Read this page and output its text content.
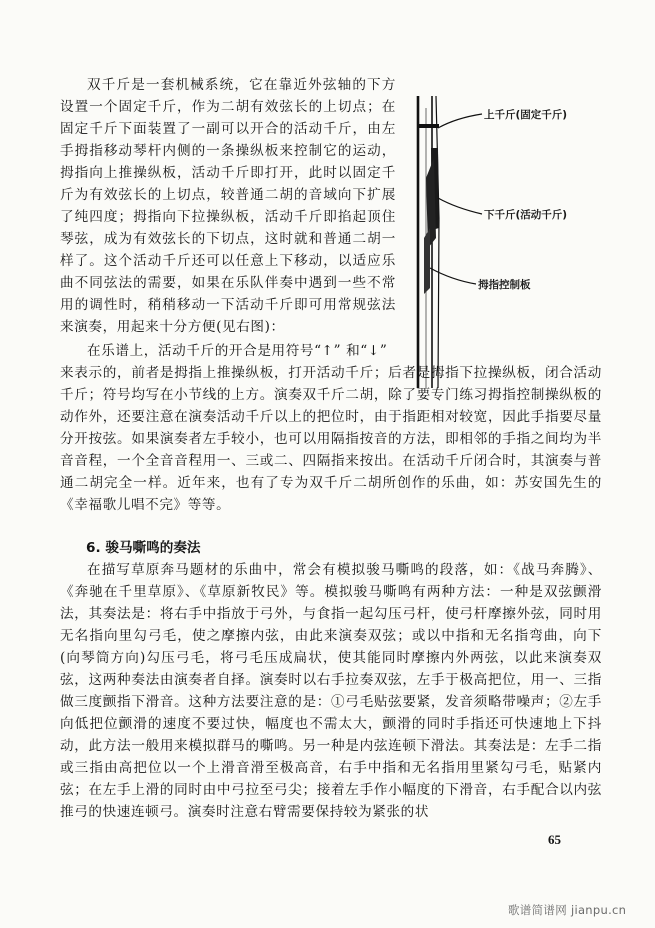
双千斤是一套机械系统，它在靠近外弦轴的下方设置一个固定千斤，作为二胡有效弦长的上切点；在固定千斤下面装置了一副可以开合的活动千斤，由左手拇指移动琴杆内侧的一条操纵板来控制它的运动，拇指向上推操纵板，活动千斤即打开，此时以固定千斤为有效弦长的上切点，较普通二胡的音域向下扩展了纯四度；拇指向下拉操纵板，活动千斤即掐起顶住琴弦，成为有效弦长的下切点，这时就和普通二胡一样了。这个活动千斤还可以任意上下移动，以适应乐曲不同弦法的需要，如果在乐队伴奏中遇到一些不常用的调性时，稍稍移动一下活动千斤即可用常规弦法来演奏，用起来十分方便(见右图)：

上千斤(固定千斤)
下千斤(活动千斤)
拇指控制板

在乐谱上，活动千斤的开合是用符号“↑” 和“↓”
来表示的，前者是拇指上推操纵板，打开活动千斤；后者是拇指下拉操纵板，闭合活动千斤；符号均写在小节线的上方。演奏双千斤二胡，除了要专门练习拇指控制操纵板的动作外，还要注意在演奏活动千斤以上的把位时，由于指距相对较宽，因此手指要尽量分开按弦。如果演奏者左手较小，也可以用隔指按音的方法，即相邻的手指之间均为半音音程，一个全音音程用一、三或二、四隔指来按出。在活动千斤闭合时，其演奏与普通二胡完全一样。近年来，也有了专为双千斤二胡所创作的乐曲，如：苏安国先生的《幸福歌儿唱不完》等等。

6. 骏马嘶鸣的奏法

在描写草原奔马题材的乐曲中，常会有模拟骏马嘶鸣的段落，如：《战马奔腾》、《奔驰在千里草原》、《草原新牧民》等。模拟骏马嘶鸣有两种方法：一种是双弦颤滑法，其奏法是：将右手中指放于弓外，与食指一起勾压弓杆，使弓杆摩擦外弦，同时用无名指向里勾弓毛，使之摩擦内弦，由此来演奏双弦；或以中指和无名指弯曲，向下(向琴筒方向)勾压弓毛，将弓毛压成扁状，使其能同时摩擦内外两弦，以此来演奏双弦，这两种奏法由演奏者自择。演奏时以右手拉奏双弦，左手于极高把位，用一、三指做三度颤指下滑音。这种方法要注意的是：①弓毛贴弦要紧，发音须略带噪声；②左手向低把位颤滑的速度不要过快，幅度也不需太大，颤滑的同时手指还可快速地上下抖动，此方法一般用来模拟群马的嘶鸣。另一种是内弦连顿下滑法。其奏法是：左手二指或三指由高把位以一个上滑音滑至极高音，右手中指和无名指用里紧勾弓毛，贴紧内弦；在左手上滑的同时由中弓拉至弓尖；接着左手作小幅度的下滑音，右手配合以内弦推弓的快速连顿弓。演奏时注意右臂需要保持较为紧张的状

65
歌谱简谱网 jianpu.cn
